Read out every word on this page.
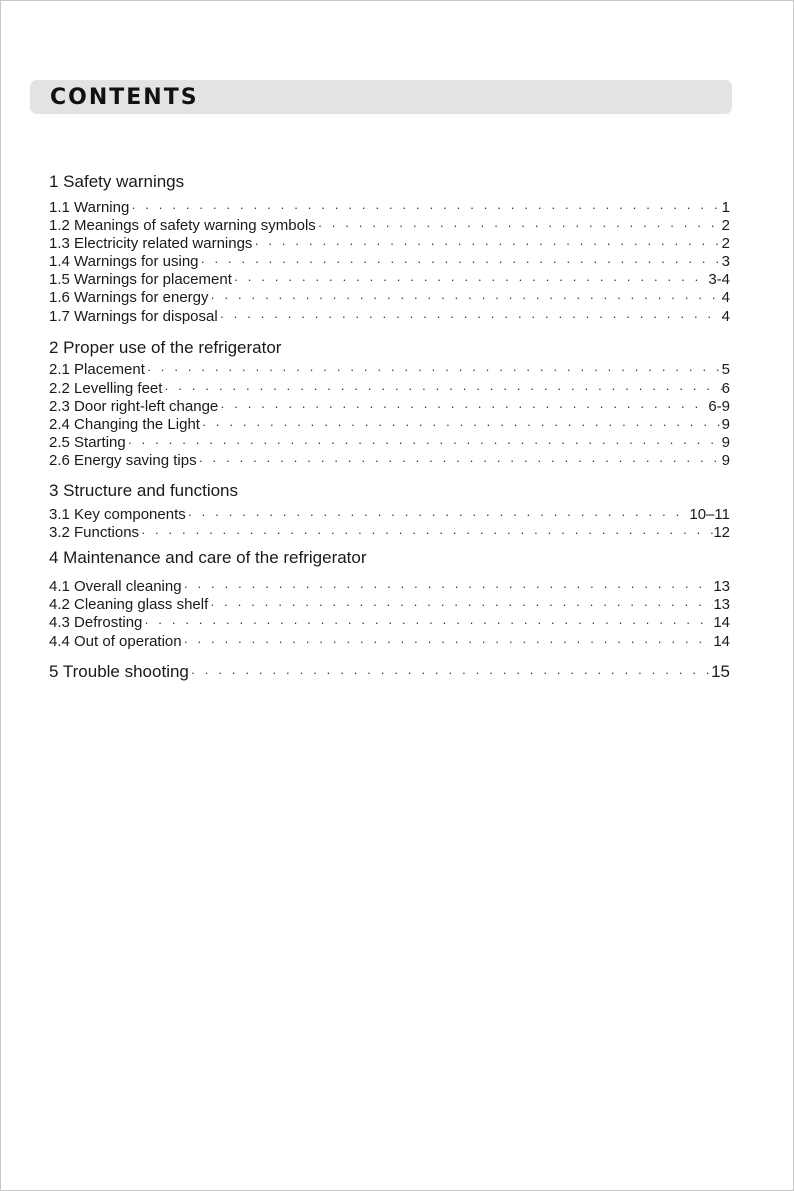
CONTENTS
1 Safety warnings
1.1 Warning · · ·	1
1.2 Meanings of safety warning symbols · · ·	2
1.3 Electricity related warnings · · ·	2
1.4 Warnings for using · · ·	3
1.5 Warnings for placement · · ·	3-4
1.6 Warnings for energy · · ·	4
1.7 Warnings for disposal · · ·	4
2 Proper use of the refrigerator
2.1 Placement · · ·	5
2.2 Levelling feet · · ·	6
2.3 Door right-left change · · ·	6-9
2.4 Changing the Light · · ·	9
2.5 Starting · · ·	9
2.6 Energy saving tips · · ·	9
3 Structure and functions
3.1 Key components · · ·	10–11
3.2 Functions · · ·	12
4 Maintenance and care of the refrigerator
4.1 Overall cleaning · · ·	13
4.2 Cleaning glass shelf · · ·	13
4.3 Defrosting · · ·	14
4.4 Out of operation · · ·	14
5 Trouble shooting · · ·	15
